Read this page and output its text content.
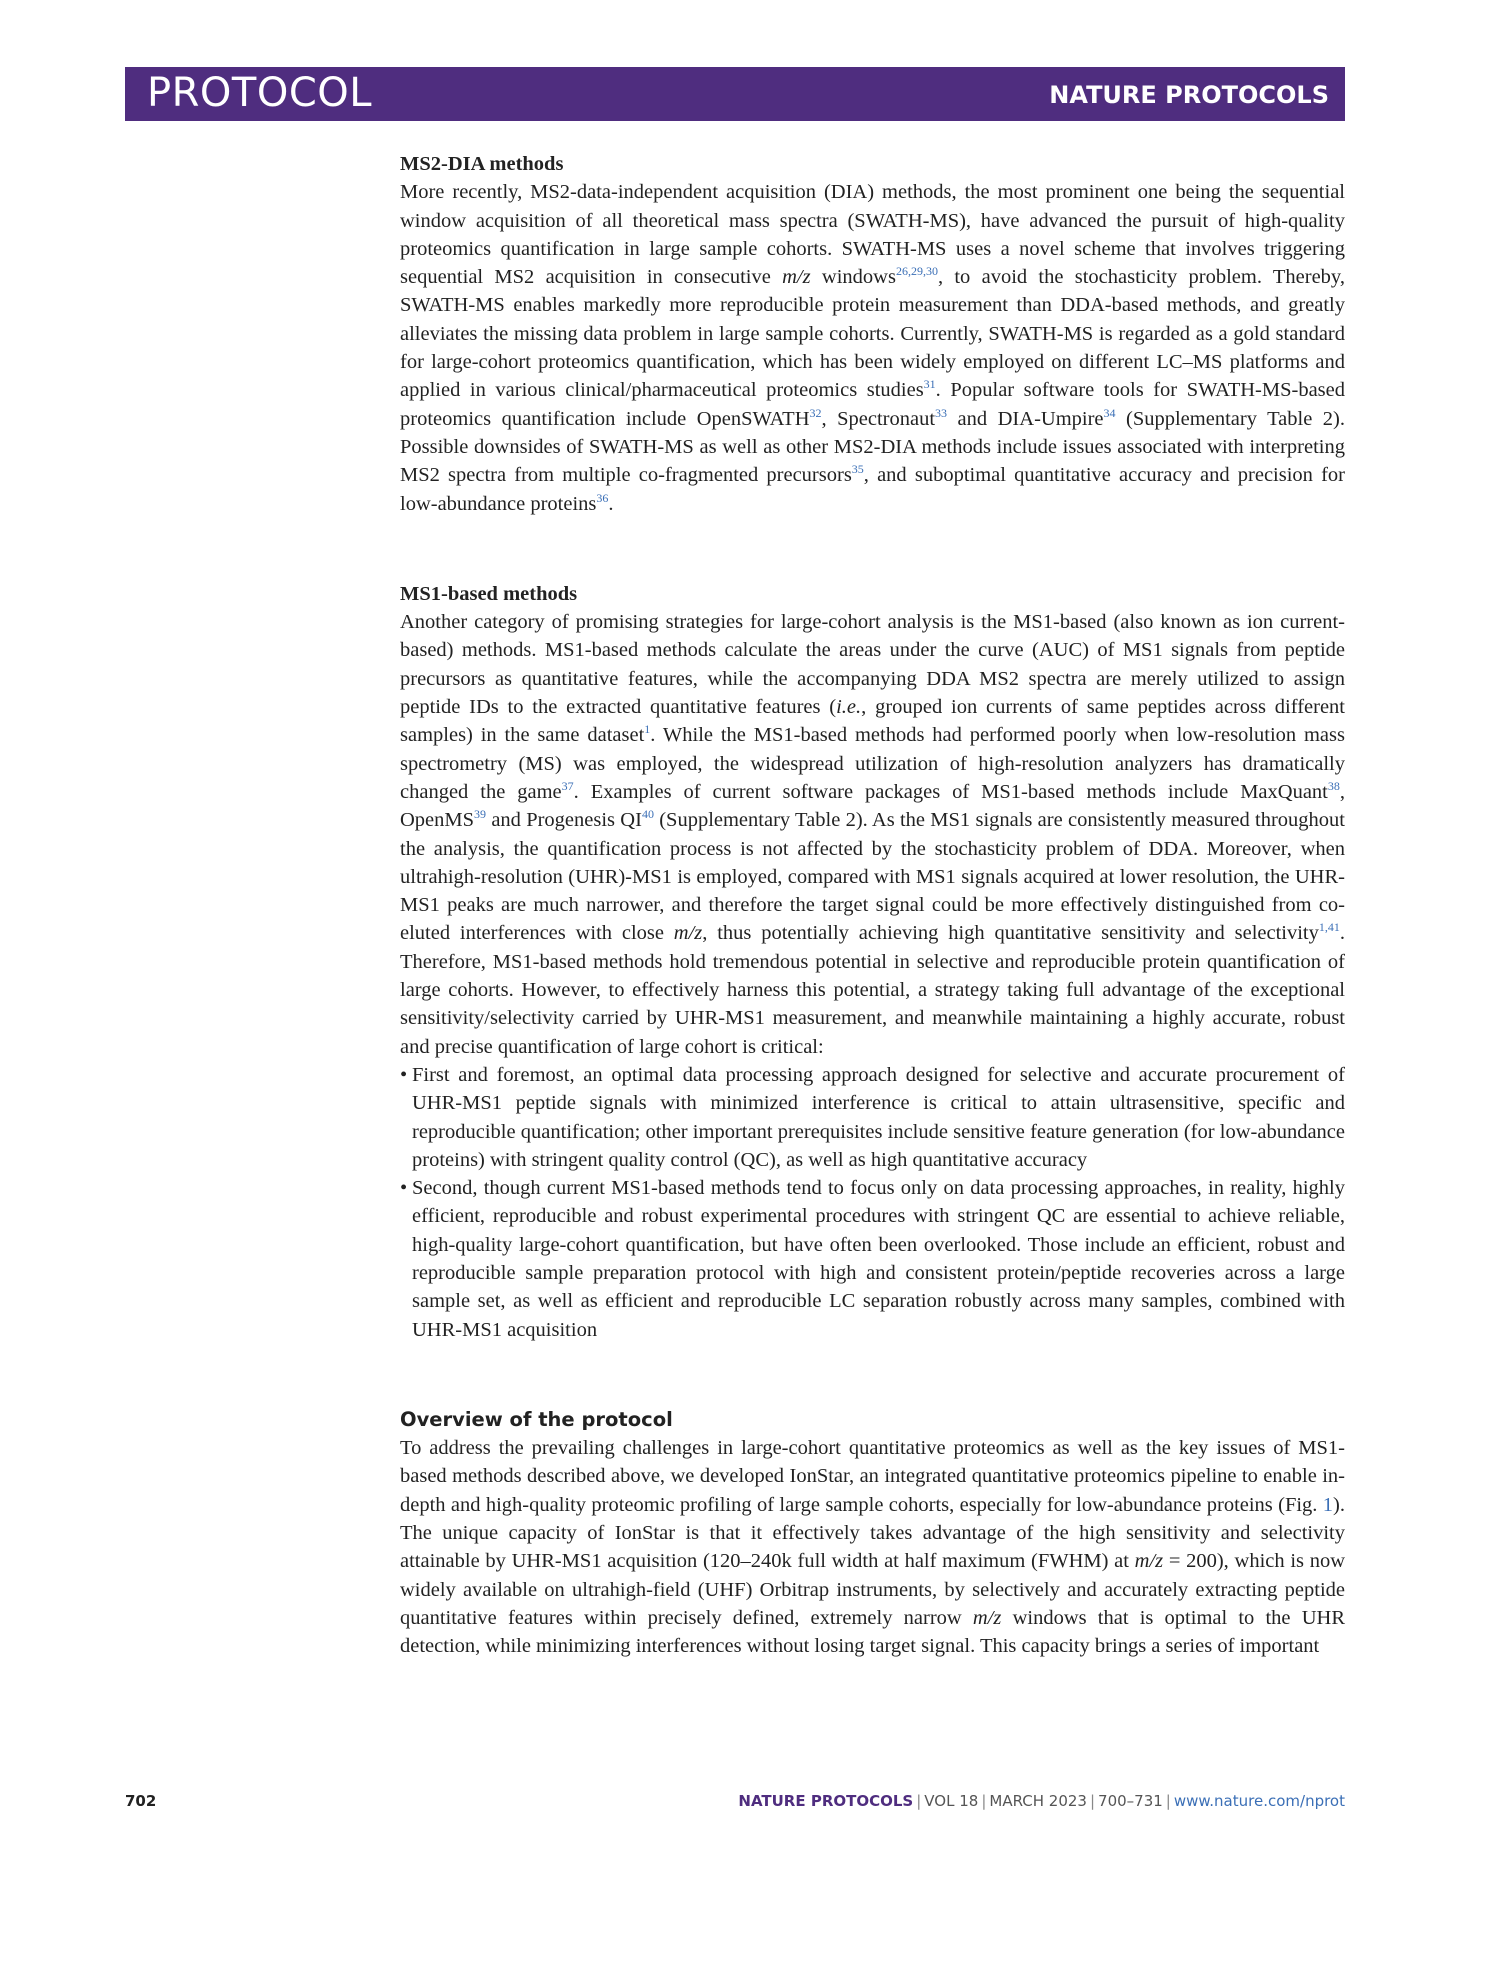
PROTOCOL	NATURE PROTOCOLS

MS2-DIA methods

More recently, MS2-data-independent acquisition (DIA) methods, the most prominent one being the sequential window acquisition of all theoretical mass spectra (SWATH-MS), have advanced the pursuit of high-quality proteomics quantification in large sample cohorts. SWATH-MS uses a novel scheme that involves triggering sequential MS2 acquisition in consecutive m/z windows$^{26,29,30}$, to avoid the stochasticity problem. Thereby, SWATH-MS enables markedly more reproducible protein measurement than DDA-based methods, and greatly alleviates the missing data problem in large sample cohorts. Currently, SWATH-MS is regarded as a gold standard for large-cohort proteomics quantification, which has been widely employed on different LC–MS platforms and applied in various clinical/pharmaceutical proteomics studies$^{31}$. Popular software tools for SWATH-MS-based proteomics quantification include OpenSWATH$^{32}$, Spectronaut$^{33}$ and DIA-Umpire$^{34}$ (Supplementary Table 2). Possible downsides of SWATH-MS as well as other MS2-DIA methods include issues associated with interpreting MS2 spectra from multiple co-fragmented precursors$^{35}$, and suboptimal quantitative accuracy and precision for low-abundance proteins$^{36}$.

MS1-based methods

Another category of promising strategies for large-cohort analysis is the MS1-based (also known as ion current-based) methods. MS1-based methods calculate the areas under the curve (AUC) of MS1 signals from peptide precursors as quantitative features, while the accompanying DDA MS2 spectra are merely utilized to assign peptide IDs to the extracted quantitative features (i.e., grouped ion currents of same peptides across different samples) in the same dataset$^1$. While the MS1-based methods had performed poorly when low-resolution mass spectrometry (MS) was employed, the widespread utilization of high-resolution analyzers has dramatically changed the game$^{37}$. Examples of current software packages of MS1-based methods include MaxQuant$^{38}$, OpenMS$^{39}$ and Progenesis QI$^{40}$ (Supplementary Table 2). As the MS1 signals are consistently measured throughout the analysis, the quantification process is not affected by the stochasticity problem of DDA. Moreover, when ultrahigh-resolution (UHR)-MS1 is employed, compared with MS1 signals acquired at lower resolution, the UHR-MS1 peaks are much narrower, and therefore the target signal could be more effectively distinguished from co-eluted interferences with close m/z, thus potentially achieving high quantitative sensitivity and selectivity$^{1,41}$. Therefore, MS1-based methods hold tremendous potential in selective and reproducible protein quantification of large cohorts. However, to effectively harness this potential, a strategy taking full advantage of the exceptional sensitivity/selectivity carried by UHR-MS1 measurement, and meanwhile maintaining a highly accurate, robust and precise quantification of large cohort is critical:

• First and foremost, an optimal data processing approach designed for selective and accurate procurement of UHR-MS1 peptide signals with minimized interference is critical to attain ultrasensitive, specific and reproducible quantification; other important prerequisites include sensitive feature generation (for low-abundance proteins) with stringent quality control (QC), as well as high quantitative accuracy
• Second, though current MS1-based methods tend to focus only on data processing approaches, in reality, highly efficient, reproducible and robust experimental procedures with stringent QC are essential to achieve reliable, high-quality large-cohort quantification, but have often been overlooked. Those include an efficient, robust and reproducible sample preparation protocol with high and consistent protein/peptide recoveries across a large sample set, as well as efficient and reproducible LC separation robustly across many samples, combined with UHR-MS1 acquisition

Overview of the protocol

To address the prevailing challenges in large-cohort quantitative proteomics as well as the key issues of MS1-based methods described above, we developed IonStar, an integrated quantitative proteomics pipeline to enable in-depth and high-quality proteomic profiling of large sample cohorts, especially for low-abundance proteins (Fig. 1). The unique capacity of IonStar is that it effectively takes advantage of the high sensitivity and selectivity attainable by UHR-MS1 acquisition (120–240k full width at half maximum (FWHM) at m/z = 200), which is now widely available on ultrahigh-field (UHF) Orbitrap instruments, by selectively and accurately extracting peptide quantitative features within precisely defined, extremely narrow m/z windows that is optimal to the UHR detection, while minimizing interferences without losing target signal. This capacity brings a series of important

702	NATURE PROTOCOLS | VOL 18 | MARCH 2023 | 700–731 | www.nature.com/nprot
